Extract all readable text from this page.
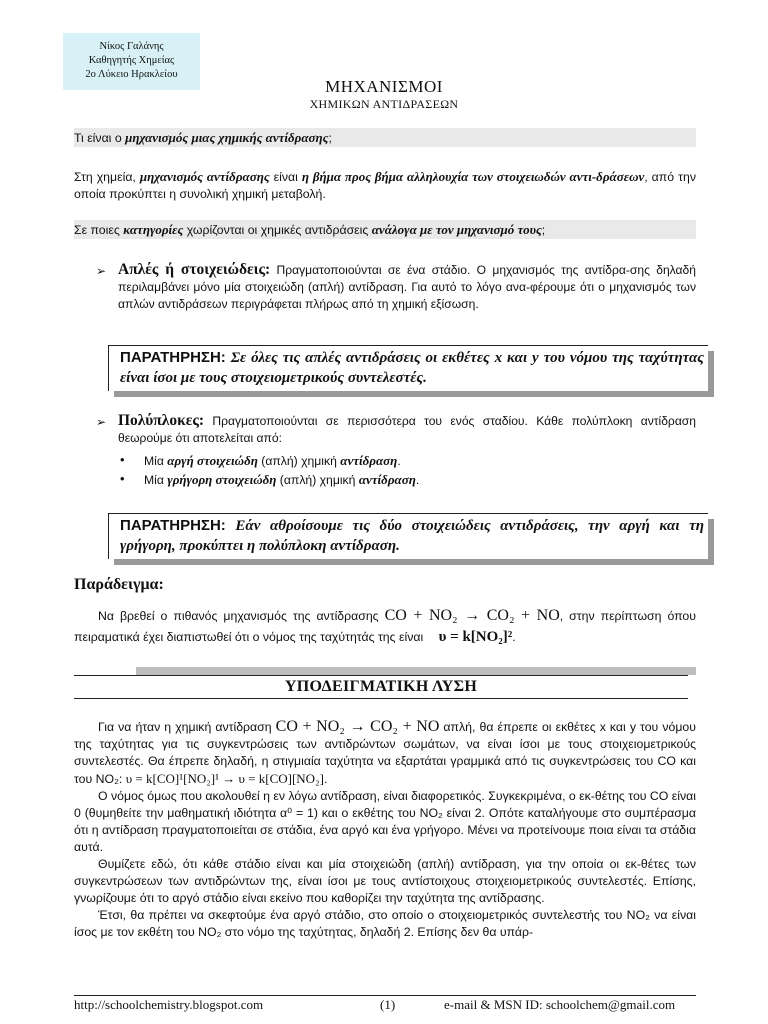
Νίκος Γαλάνης
Καθηγητής Χημείας
2ο Λύκειο Ηρακλείου
ΜΗΧΑΝΙΣΜΟΙ
ΧΗΜΙΚΩΝ ΑΝΤΙΔΡΑΣΕΩΝ
Τι είναι ο μηχανισμός μιας χημικής αντίδρασης;
Στη χημεία, μηχανισμός αντίδρασης είναι η βήμα προς βήμα αλληλουχία των στοιχειωδών αντι-δράσεων, από την οποία προκύπτει η συνολική χημική μεταβολή.
Σε ποιες κατηγορίες χωρίζονται οι χημικές αντιδράσεις ανάλογα με τον μηχανισμό τους;
➢ Απλές ή στοιχειώδεις: Πραγματοποιούνται σε ένα στάδιο. Ο μηχανισμός της αντίδρα-σης δηλαδή περιλαμβάνει μόνο μία στοιχειώδη (απλή) αντίδραση. Για αυτό το λόγο ανα-φέρουμε ότι ο μηχανισμός των απλών αντιδράσεων περιγράφεται πλήρως από τη χημική εξίσωση.
ΠΑΡΑΤΗΡΗΣΗ: Σε όλες τις απλές αντιδράσεις οι εκθέτες x και y του νόμου της ταχύτητας είναι ίσοι με τους στοιχειομετρικούς συντελεστές.
➢ Πολύπλοκες: Πραγματοποιούνται σε περισσότερα του ενός σταδίου. Κάθε πολύπλοκη αντίδραση θεωρούμε ότι αποτελείται από:
• Μία αργή στοιχειώδη (απλή) χημική αντίδραση.
• Μία γρήγορη στοιχειώδη (απλή) χημική αντίδραση.
ΠΑΡΑΤΗΡΗΣΗ: Εάν αθροίσουμε τις δύο στοιχειώδεις αντιδράσεις, την αργή και τη γρήγορη, προκύπτει η πολύπλοκη αντίδραση.
Παράδειγμα:
Να βρεθεί ο πιθανός μηχανισμός της αντίδρασης CO + NO₂ → CO₂ + NO, στην περίπτωση όπου πειραματικά έχει διαπιστωθεί ότι ο νόμος της ταχύτητάς της είναι υ = k[NO₂]².
ΥΠΟΔΕΙΓΜΑΤΙΚΗ ΛΥΣΗ

Για να ήταν η χημική αντίδραση CO + NO₂ → CO₂ + NO απλή, θα έπρεπε οι εκθέτες x και y του νόμου της ταχύτητας για τις συγκεντρώσεις των αντιδρώντων σωμάτων, να είναι ίσοι με τους στοιχειομετρικούς συντελεστές. Θα έπρεπε δηλαδή, η στιγμιαία ταχύτητα να εξαρτάται γραμμικά από τις συγκεντρώσεις του CO και του NO₂: υ = k[CO]¹[NO₂]¹ → υ = k[CO][NO₂].

Ο νόμος όμως που ακολουθεί η εν λόγω αντίδραση, είναι διαφορετικός. Συγκεκριμένα, ο εκ-θέτης του CO είναι 0 (θυμηθείτε την μαθηματική ιδιότητα α⁰ = 1) και ο εκθέτης του NO₂ είναι 2. Οπότε καταλήγουμε στο συμπέρασμα ότι η αντίδραση πραγματοποιείται σε στάδια, ένα αργό και ένα γρήγορο. Μένει να προτείνουμε ποια είναι τα στάδια αυτά.

Θυμίζετε εδώ, ότι κάθε στάδιο είναι και μία στοιχειώδη (απλή) αντίδραση, για την οποία οι εκ-θέτες των συγκεντρώσεων των αντιδρώντων της, είναι ίσοι με τους αντίστοιχους στοιχειομετρικούς συντελεστές. Επίσης, γνωρίζουμε ότι το αργό στάδιο είναι εκείνο που καθορίζει την ταχύτητα της αντίδρασης.

Έτσι, θα πρέπει να σκεφτούμε ένα αργό στάδιο, στο οποίο ο στοιχειομετρικός συντελεστής του NO₂ να είναι ίσος με τον εκθέτη του NO₂ στο νόμο της ταχύτητας, δηλαδή 2. Επίσης δεν θα υπάρ-

http://schoolchemistry.blogspot.com	(1)	e-mail & MSN ID: schoolchem@gmail.com
